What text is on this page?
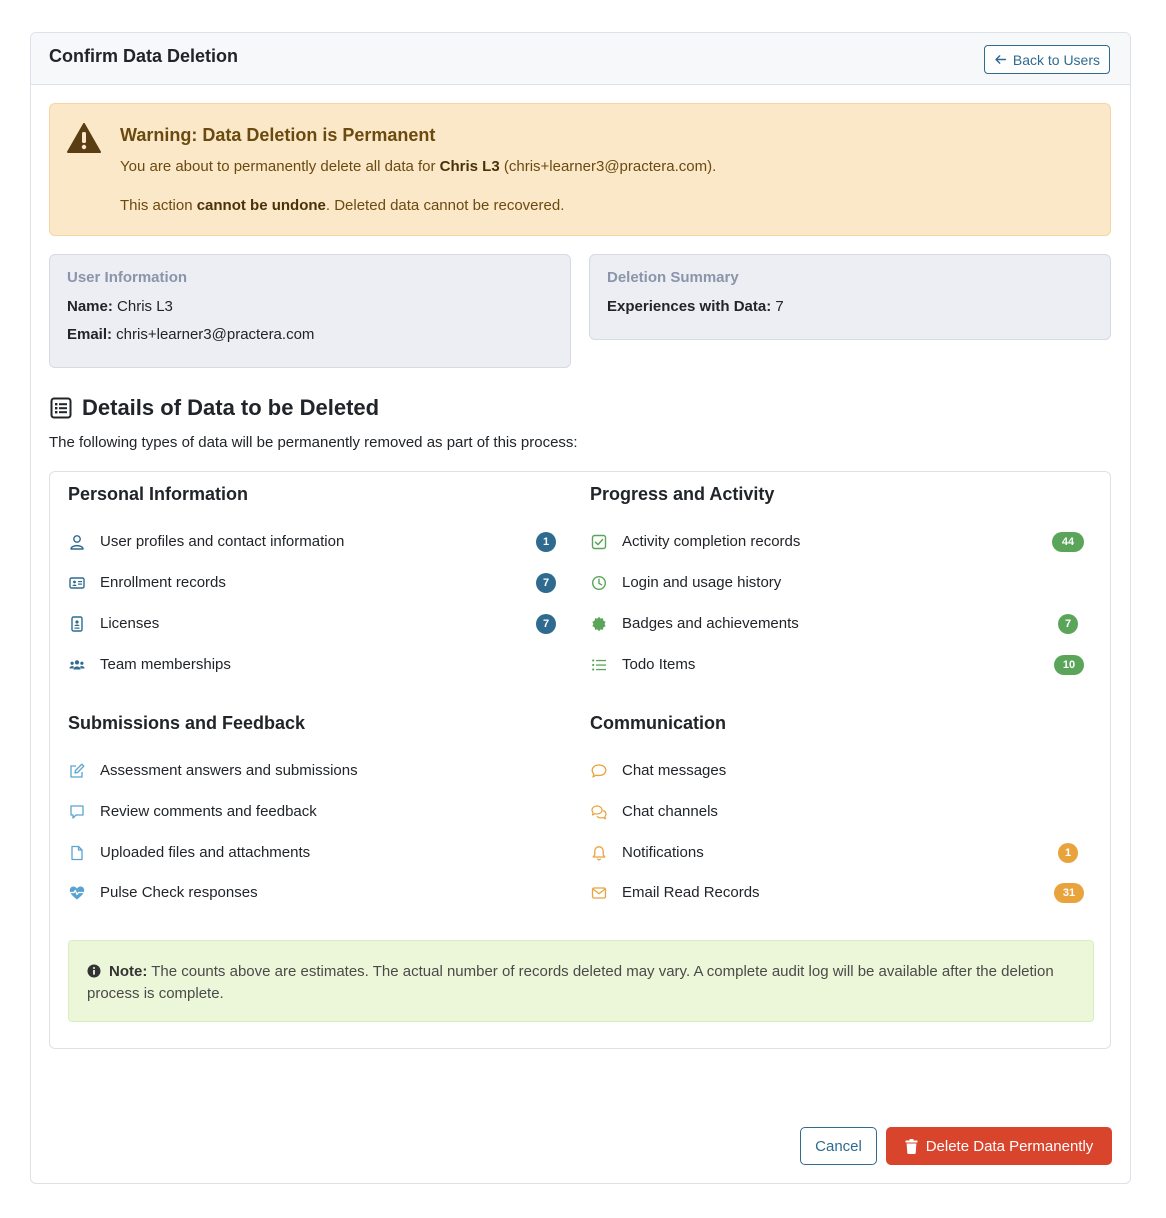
Confirm Data Deletion	Back to Users
Warning: Data Deletion is Permanent
You are about to permanently delete all data for Chris L3 (chris+learner3@practera.com).
This action cannot be undone. Deleted data cannot be recovered.
User Information
Name: Chris L3
Email: chris+learner3@practera.com
Deletion Summary
Experiences with Data: 7
Details of Data to be Deleted
The following types of data will be permanently removed as part of this process:
Personal Information
User profiles and contact information	1
Enrollment records	7
Licenses	7
Team memberships
Progress and Activity
Activity completion records	44
Login and usage history
Badges and achievements	7
Todo Items	10
Submissions and Feedback
Assessment answers and submissions
Review comments and feedback
Uploaded files and attachments
Pulse Check responses
Communication
Chat messages
Chat channels
Notifications	1
Email Read Records	31
Note: The counts above are estimates. The actual number of records deleted may vary. A complete audit log will be available after the deletion process is complete.
Cancel	Delete Data Permanently
